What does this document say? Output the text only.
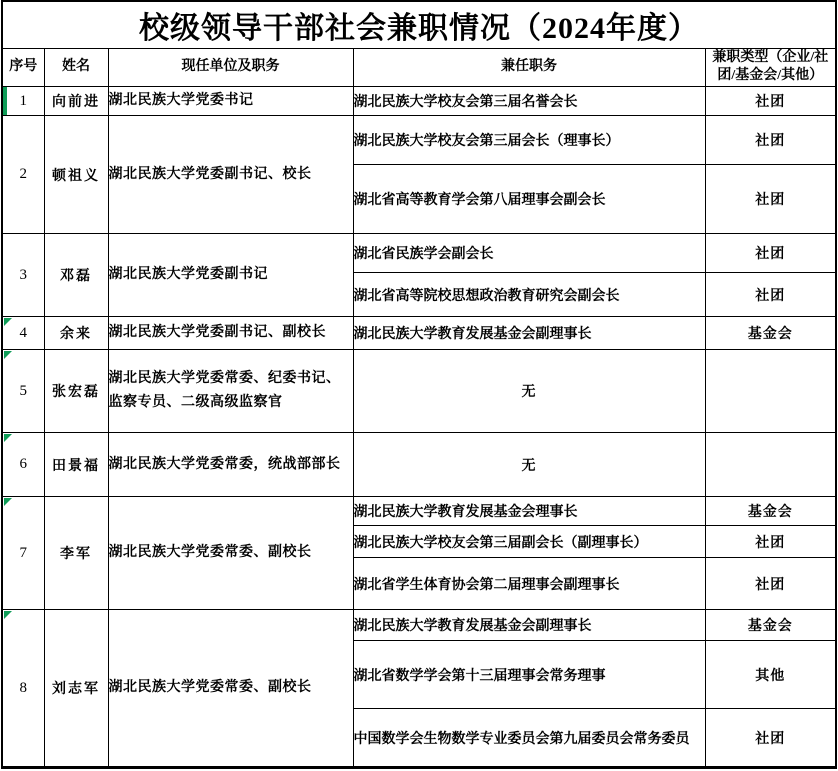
校级领导干部社会兼职情况（2024年度）				
序号	姓名	现任单位及职务	兼任职务	兼职类型（企业/社团/基金会/其他）

1	向前进	湖北民族大学党委书记	湖北民族大学校友会第三届名誉会长	社团
2	顿祖义	湖北民族大学党委副书记、校长	湖北民族大学校友会第三届会长（理事长）	社团
			湖北省高等教育学会第八届理事会副会长	社团
3	邓磊	湖北民族大学党委副书记	湖北省民族学会副会长	社团
			湖北省高等院校思想政治教育研究会副会长	社团

4	余来	湖北民族大学党委副书记、副校长	湖北民族大学教育发展基金会副理事长	基金会

5	张宏磊	湖北民族大学党委常委、纪委书记、监察专员、二级高级监察官	无	

6	田景福	湖北民族大学党委常委，统战部部长	无	

7	李军	湖北民族大学党委常委、副校长	湖北民族大学教育发展基金会理事长	基金会
			湖北民族大学校友会第三届副会长（副理事长）	社团
			湖北省学生体育协会第二届理事会副理事长	社团

8	刘志军	湖北民族大学党委常委、副校长	湖北民族大学教育发展基金会副理事长	基金会
			湖北省数学学会第十三届理事会常务理事	其他
			中国数学会生物数学专业委员会第九届委员会常务委员	社团
